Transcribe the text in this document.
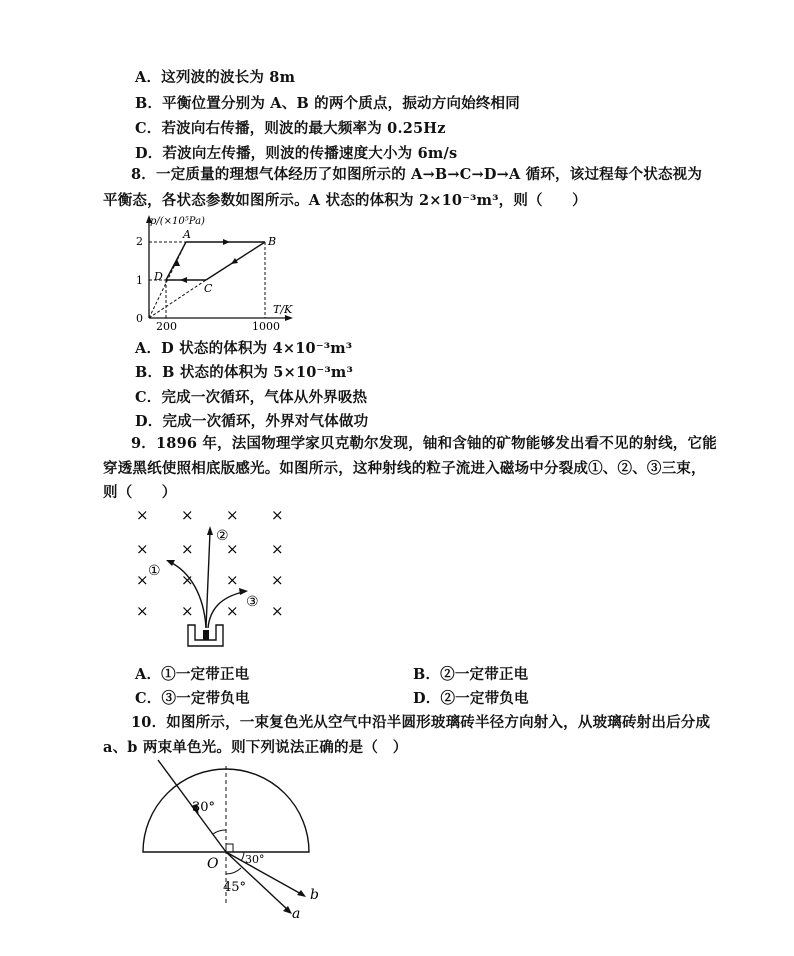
A．这列波的波长为 8m
B．平衡位置分别为 A、B 的两个质点，振动方向始终相同
C．若波向右传播，则波的最大频率为 0.25Hz
D．若波向左传播，则波的传播速度大小为 6m/s
8．一定质量的理想气体经历了如图所示的 A→B→C→D→A 循环，该过程每个状态视为
平衡态，各状态参数如图所示。A 状态的体积为 2×10⁻³m³，则（　　）
p/(×10⁵Pa)
T/K
2
1
0
200	1000
A
B
C
D
A．D 状态的体积为 4×10⁻³m³
B．B 状态的体积为 5×10⁻³m³
C．完成一次循环，气体从外界吸热
D．完成一次循环，外界对气体做功
9．1896 年，法国物理学家贝克勒尔发现，铀和含铀的矿物能够发出看不见的射线，它能
穿透黑纸使照相底版感光。如图所示，这种射线的粒子流进入磁场中分裂成①、②、③三束，
则（　　）
× × × ×
× × × ×
× × × ×
× × × ×
①
②
③
A．①一定带正电	B．②一定带正电
C．③一定带负电	D．②一定带负电
10．如图所示，一束复色光从空气中沿半圆形玻璃砖半径方向射入，从玻璃砖射出后分成
a、b 两束单色光。则下列说法正确的是（　）
30°
30°
45°
O
b
a
